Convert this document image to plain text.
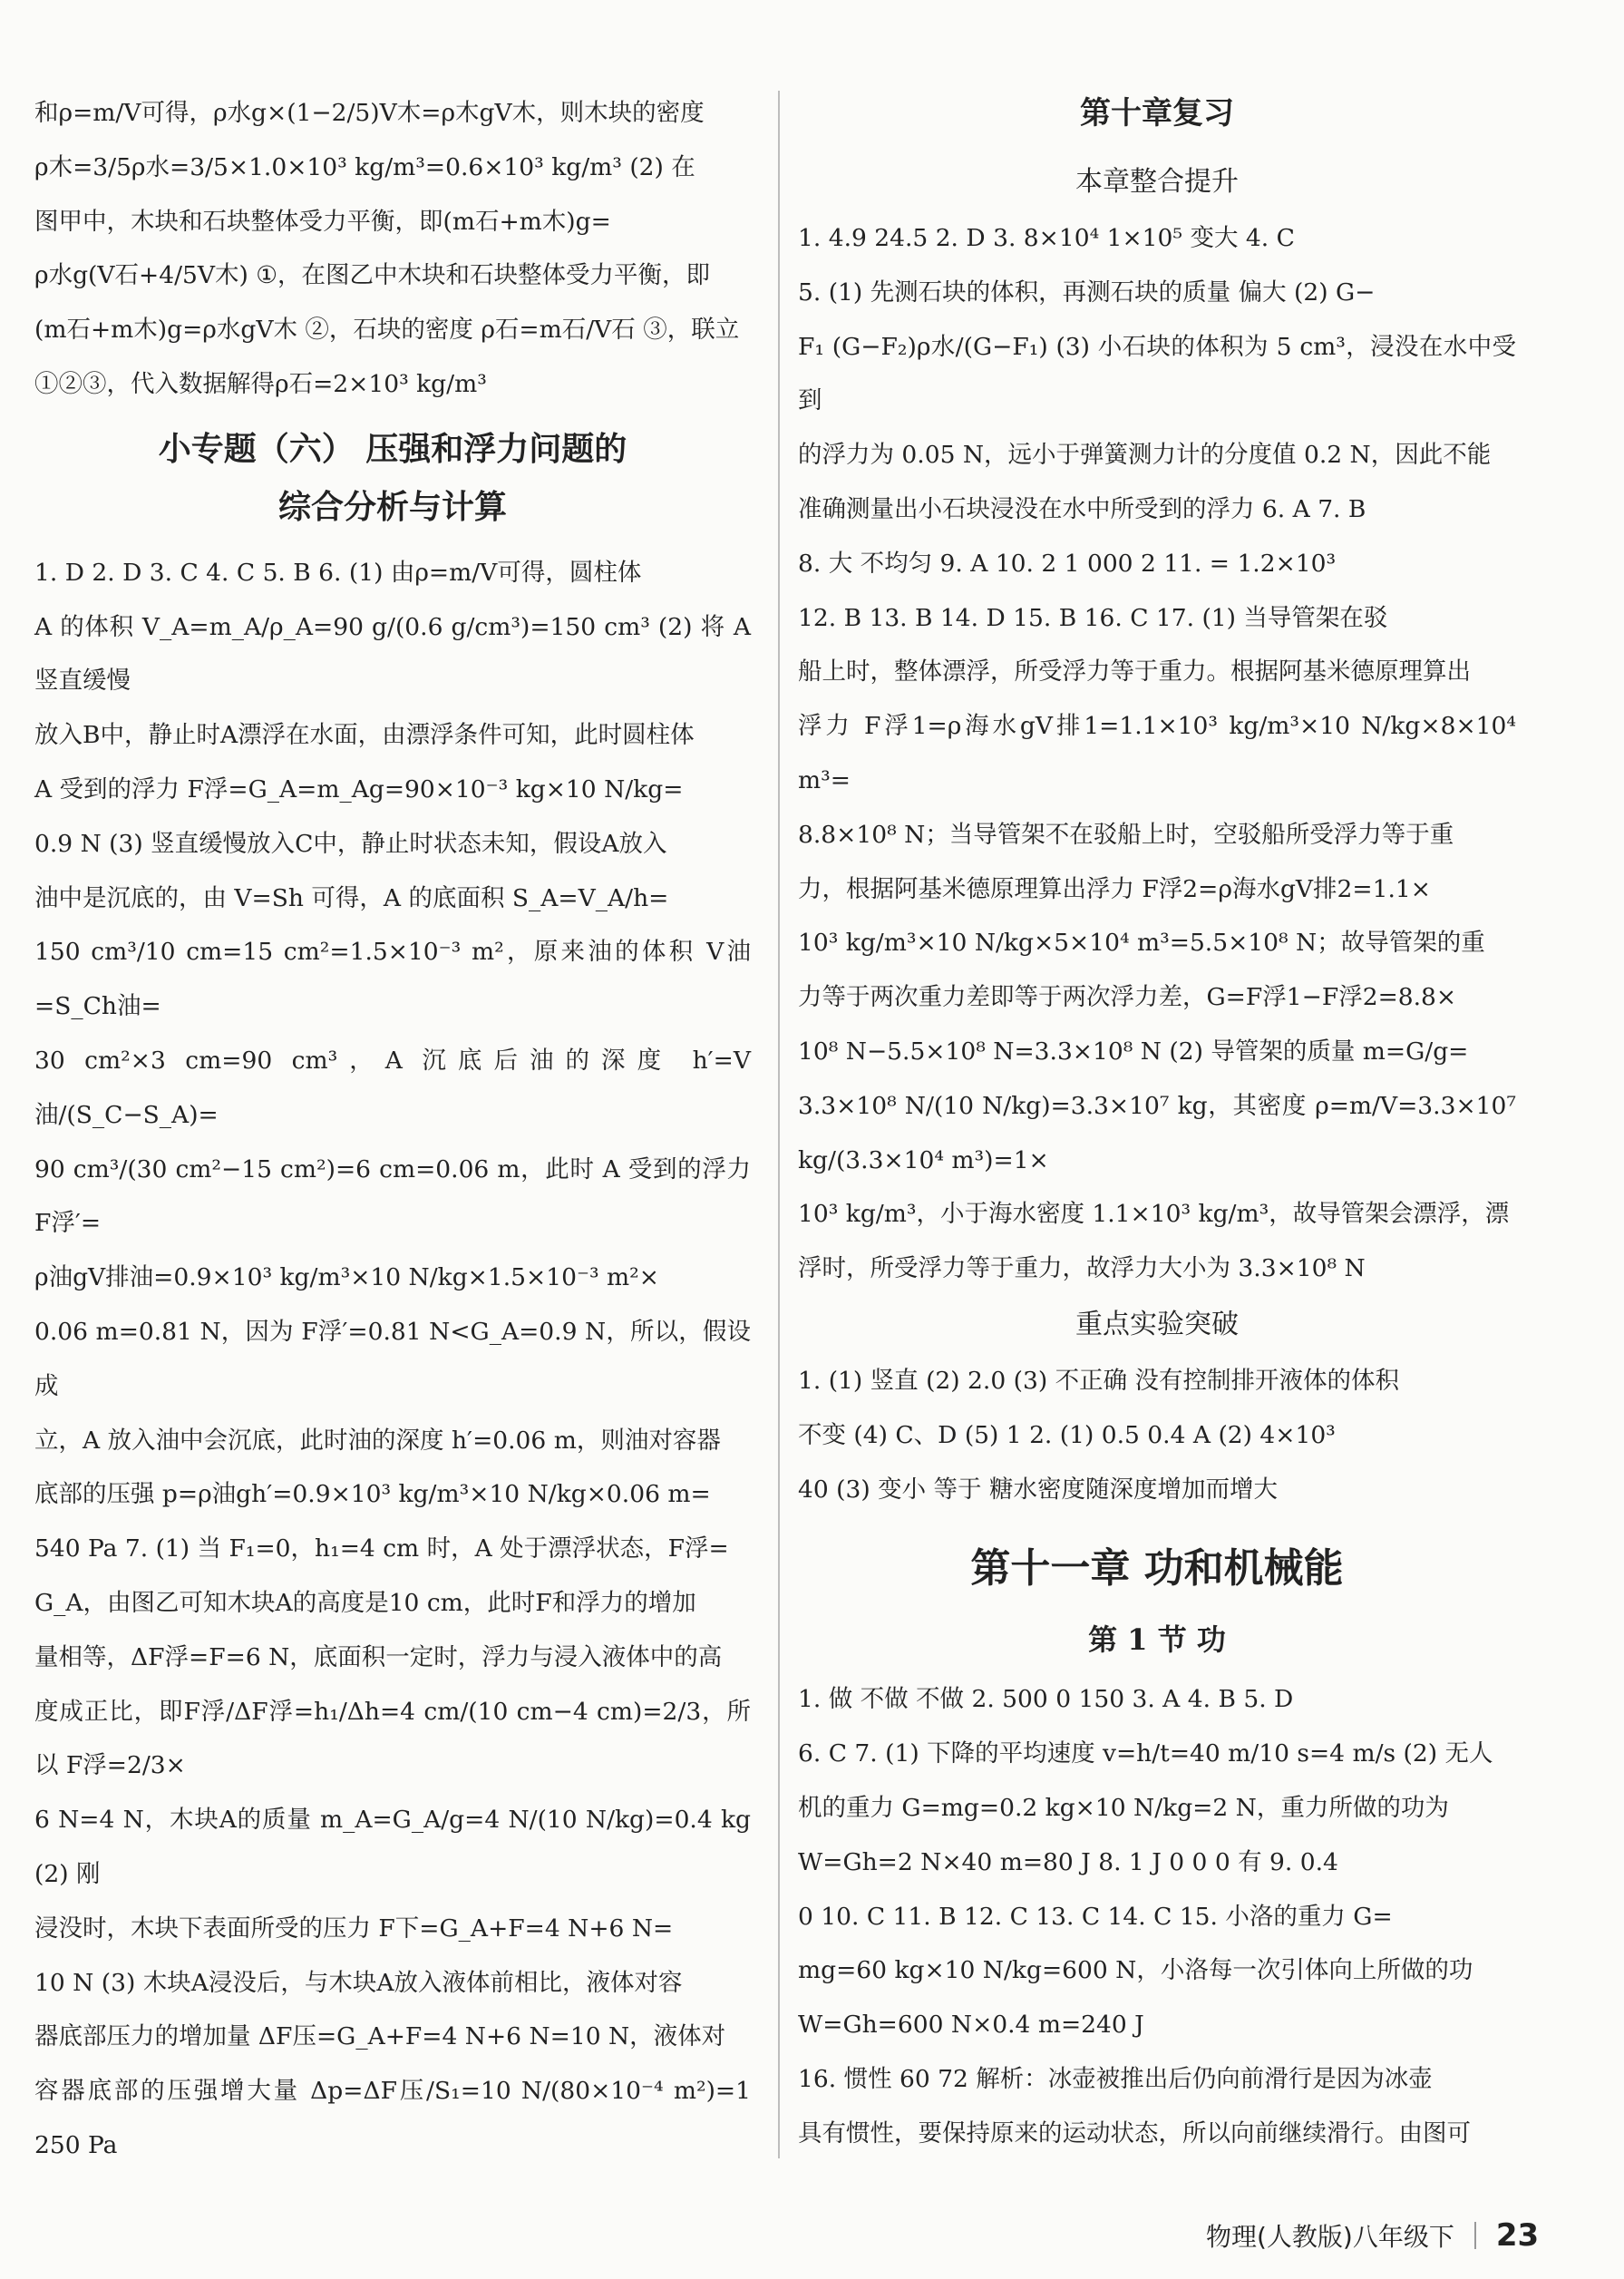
和ρ=m/V可得，ρ水g×(1−2/5)V木=ρ木gV木，则木块的密度

ρ木=3/5ρ水=3/5×1.0×10³ kg/m³=0.6×10³ kg/m³ (2) 在

图甲中，木块和石块整体受力平衡，即(m石+m木)g=

ρ水g(V石+4/5V木) ①，在图乙中木块和石块整体受力平衡，即

(m石+m木)g=ρ水gV木 ②，石块的密度 ρ石=m石/V石 ③，联立

①②③，代入数据解得ρ石=2×10³ kg/m³

小专题（六） 压强和浮力问题的
综合分析与计算

1. D 2. D 3. C 4. C 5. B 6. (1) 由ρ=m/V可得，圆柱体

A 的体积 V_A=m_A/ρ_A=90 g/(0.6 g/cm³)=150 cm³ (2) 将 A 竖直缓慢

放入B中，静止时A漂浮在水面，由漂浮条件可知，此时圆柱体

A 受到的浮力 F浮=G_A=m_Ag=90×10⁻³ kg×10 N/kg=

0.9 N (3) 竖直缓慢放入C中，静止时状态未知，假设A放入

油中是沉底的，由 V=Sh 可得，A 的底面积 S_A=V_A/h=

150 cm³/10 cm=15 cm²=1.5×10⁻³ m²，原来油的体积 V油=S_Ch油=

30 cm²×3 cm=90 cm³，A 沉底后油的深度 h′=V油/(S_C−S_A)=

90 cm³/(30 cm²−15 cm²)=6 cm=0.06 m，此时 A 受到的浮力 F浮′=

ρ油gV排油=0.9×10³ kg/m³×10 N/kg×1.5×10⁻³ m²×

0.06 m=0.81 N，因为 F浮′=0.81 N<G_A=0.9 N，所以，假设成

立，A 放入油中会沉底，此时油的深度 h′=0.06 m，则油对容器

底部的压强 p=ρ油gh′=0.9×10³ kg/m³×10 N/kg×0.06 m=

540 Pa 7. (1) 当 F₁=0，h₁=4 cm 时，A 处于漂浮状态，F浮=

G_A，由图乙可知木块A的高度是10 cm，此时F和浮力的增加

量相等，ΔF浮=F=6 N，底面积一定时，浮力与浸入液体中的高

度成正比，即F浮/ΔF浮=h₁/Δh=4 cm/(10 cm−4 cm)=2/3，所以 F浮=2/3×

6 N=4 N，木块A的质量 m_A=G_A/g=4 N/(10 N/kg)=0.4 kg (2) 刚

浸没时，木块下表面所受的压力 F下=G_A+F=4 N+6 N=

10 N (3) 木块A浸没后，与木块A放入液体前相比，液体对容

器底部压力的增加量 ΔF压=G_A+F=4 N+6 N=10 N，液体对

容器底部的压强增大量 Δp=ΔF压/S₁=10 N/(80×10⁻⁴ m²)=1 250 Pa

第十章复习
本章整合提升

1. 4.9 24.5 2. D 3. 8×10⁴ 1×10⁵ 变大 4. C

5. (1) 先测石块的体积，再测石块的质量 偏大 (2) G−

F₁ (G−F₂)ρ水/(G−F₁) (3) 小石块的体积为 5 cm³，浸没在水中受到

的浮力为 0.05 N，远小于弹簧测力计的分度值 0.2 N，因此不能

准确测量出小石块浸没在水中所受到的浮力 6. A 7. B

8. 大 不均匀 9. A 10. 2 1 000 2 11. = 1.2×10³

12. B 13. B 14. D 15. B 16. C 17. (1) 当导管架在驳

船上时，整体漂浮，所受浮力等于重力。根据阿基米德原理算出

浮力 F浮1=ρ海水gV排1=1.1×10³ kg/m³×10 N/kg×8×10⁴ m³=

8.8×10⁸ N；当导管架不在驳船上时，空驳船所受浮力等于重

力，根据阿基米德原理算出浮力 F浮2=ρ海水gV排2=1.1×

10³ kg/m³×10 N/kg×5×10⁴ m³=5.5×10⁸ N；故导管架的重

力等于两次重力差即等于两次浮力差，G=F浮1−F浮2=8.8×

10⁸ N−5.5×10⁸ N=3.3×10⁸ N (2) 导管架的质量 m=G/g=

3.3×10⁸ N/(10 N/kg)=3.3×10⁷ kg，其密度 ρ=m/V=3.3×10⁷ kg/(3.3×10⁴ m³)=1×

10³ kg/m³，小于海水密度 1.1×10³ kg/m³，故导管架会漂浮，漂

浮时，所受浮力等于重力，故浮力大小为 3.3×10⁸ N

重点实验突破

1. (1) 竖直 (2) 2.0 (3) 不正确 没有控制排开液体的体积

不变 (4) C、D (5) 1 2. (1) 0.5 0.4 A (2) 4×10³

40 (3) 变小 等于 糖水密度随深度增加而增大

第十一章 功和机械能
第 1 节 功

1. 做 不做 不做 2. 500 0 150 3. A 4. B 5. D

6. C 7. (1) 下降的平均速度 v=h/t=40 m/10 s=4 m/s (2) 无人

机的重力 G=mg=0.2 kg×10 N/kg=2 N，重力所做的功为

W=Gh=2 N×40 m=80 J 8. 1 J 0 0 0 有 9. 0.4

0 10. C 11. B 12. C 13. C 14. C 15. 小洛的重力 G=

mg=60 kg×10 N/kg=600 N，小洛每一次引体向上所做的功

W=Gh=600 N×0.4 m=240 J

16. 惯性 60 72 解析：冰壶被推出后仍向前滑行是因为冰壶

具有惯性，要保持原来的运动状态，所以向前继续滑行。由图可

物理(人教版)八年级下 23
